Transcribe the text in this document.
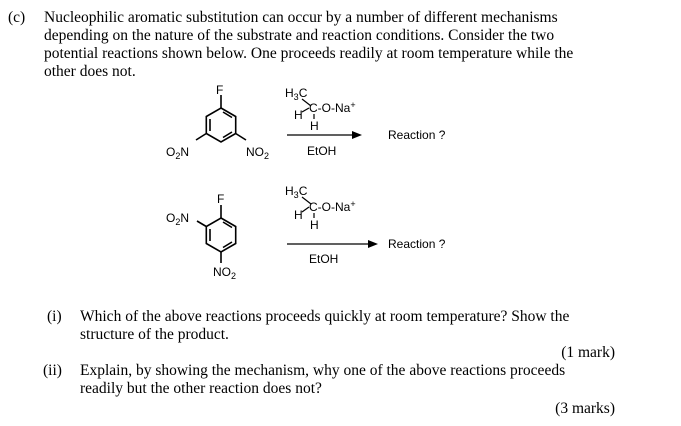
(c) Nucleophilic aromatic substitution can occur by a number of different mechanisms
depending on the nature of the substrate and reaction conditions. Consider the two
potential reactions shown below. One proceeds readily at room temperature while the
other does not.
F
$O_2N$	$NO_2$
$H_3C$
C-O-Na+
H
H
EtOH
Reaction ?
F
$O_2N$
$NO_2$
$H_3C$
C-O-Na+
H
H
EtOH
Reaction ?
(i) Which of the above reactions proceeds quickly at room temperature? Show the
structure of the product.
(1 mark)
(ii) Explain, by showing the mechanism, why one of the above reactions proceeds
readily but the other reaction does not?
(3 marks)
